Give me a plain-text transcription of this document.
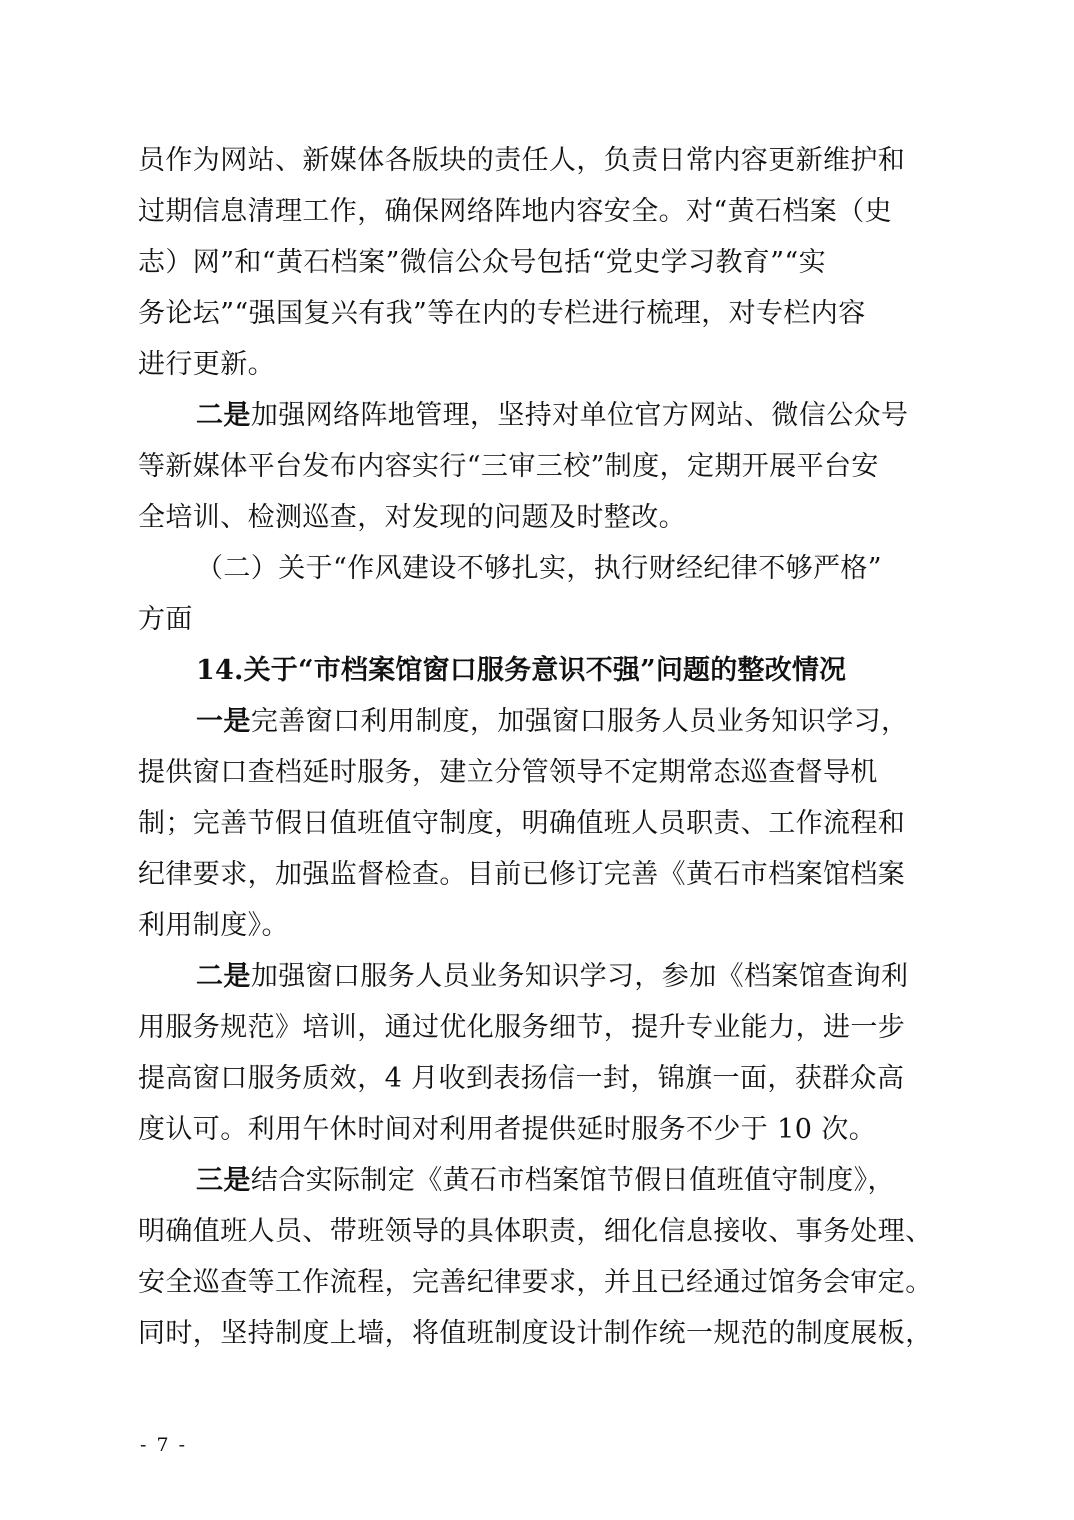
员作为网站、新媒体各版块的责任人，负责日常内容更新维护和
过期信息清理工作，确保网络阵地内容安全。对“黄石档案（史
志）网”和“黄石档案”微信公众号包括“党史学习教育”“实
务论坛”“强国复兴有我”等在内的专栏进行梳理，对专栏内容
进行更新。
二是加强网络阵地管理，坚持对单位官方网站、微信公众号
等新媒体平台发布内容实行“三审三校”制度，定期开展平台安
全培训、检测巡查，对发现的问题及时整改。
（二）关于“作风建设不够扎实，执行财经纪律不够严格”
方面
14.关于“市档案馆窗口服务意识不强”问题的整改情况
一是完善窗口利用制度，加强窗口服务人员业务知识学习，
提供窗口查档延时服务，建立分管领导不定期常态巡查督导机
制；完善节假日值班值守制度，明确值班人员职责、工作流程和
纪律要求，加强监督检查。目前已修订完善《黄石市档案馆档案
利用制度》。
二是加强窗口服务人员业务知识学习，参加《档案馆查询利
用服务规范》培训，通过优化服务细节，提升专业能力，进一步
提高窗口服务质效，4 月收到表扬信一封，锦旗一面，获群众高
度认可。利用午休时间对利用者提供延时服务不少于 10 次。
三是结合实际制定《黄石市档案馆节假日值班值守制度》，
明确值班人员、带班领导的具体职责，细化信息接收、事务处理、
安全巡查等工作流程，完善纪律要求，并且已经通过馆务会审定。
同时，坚持制度上墙，将值班制度设计制作统一规范的制度展板，
- 7 -
